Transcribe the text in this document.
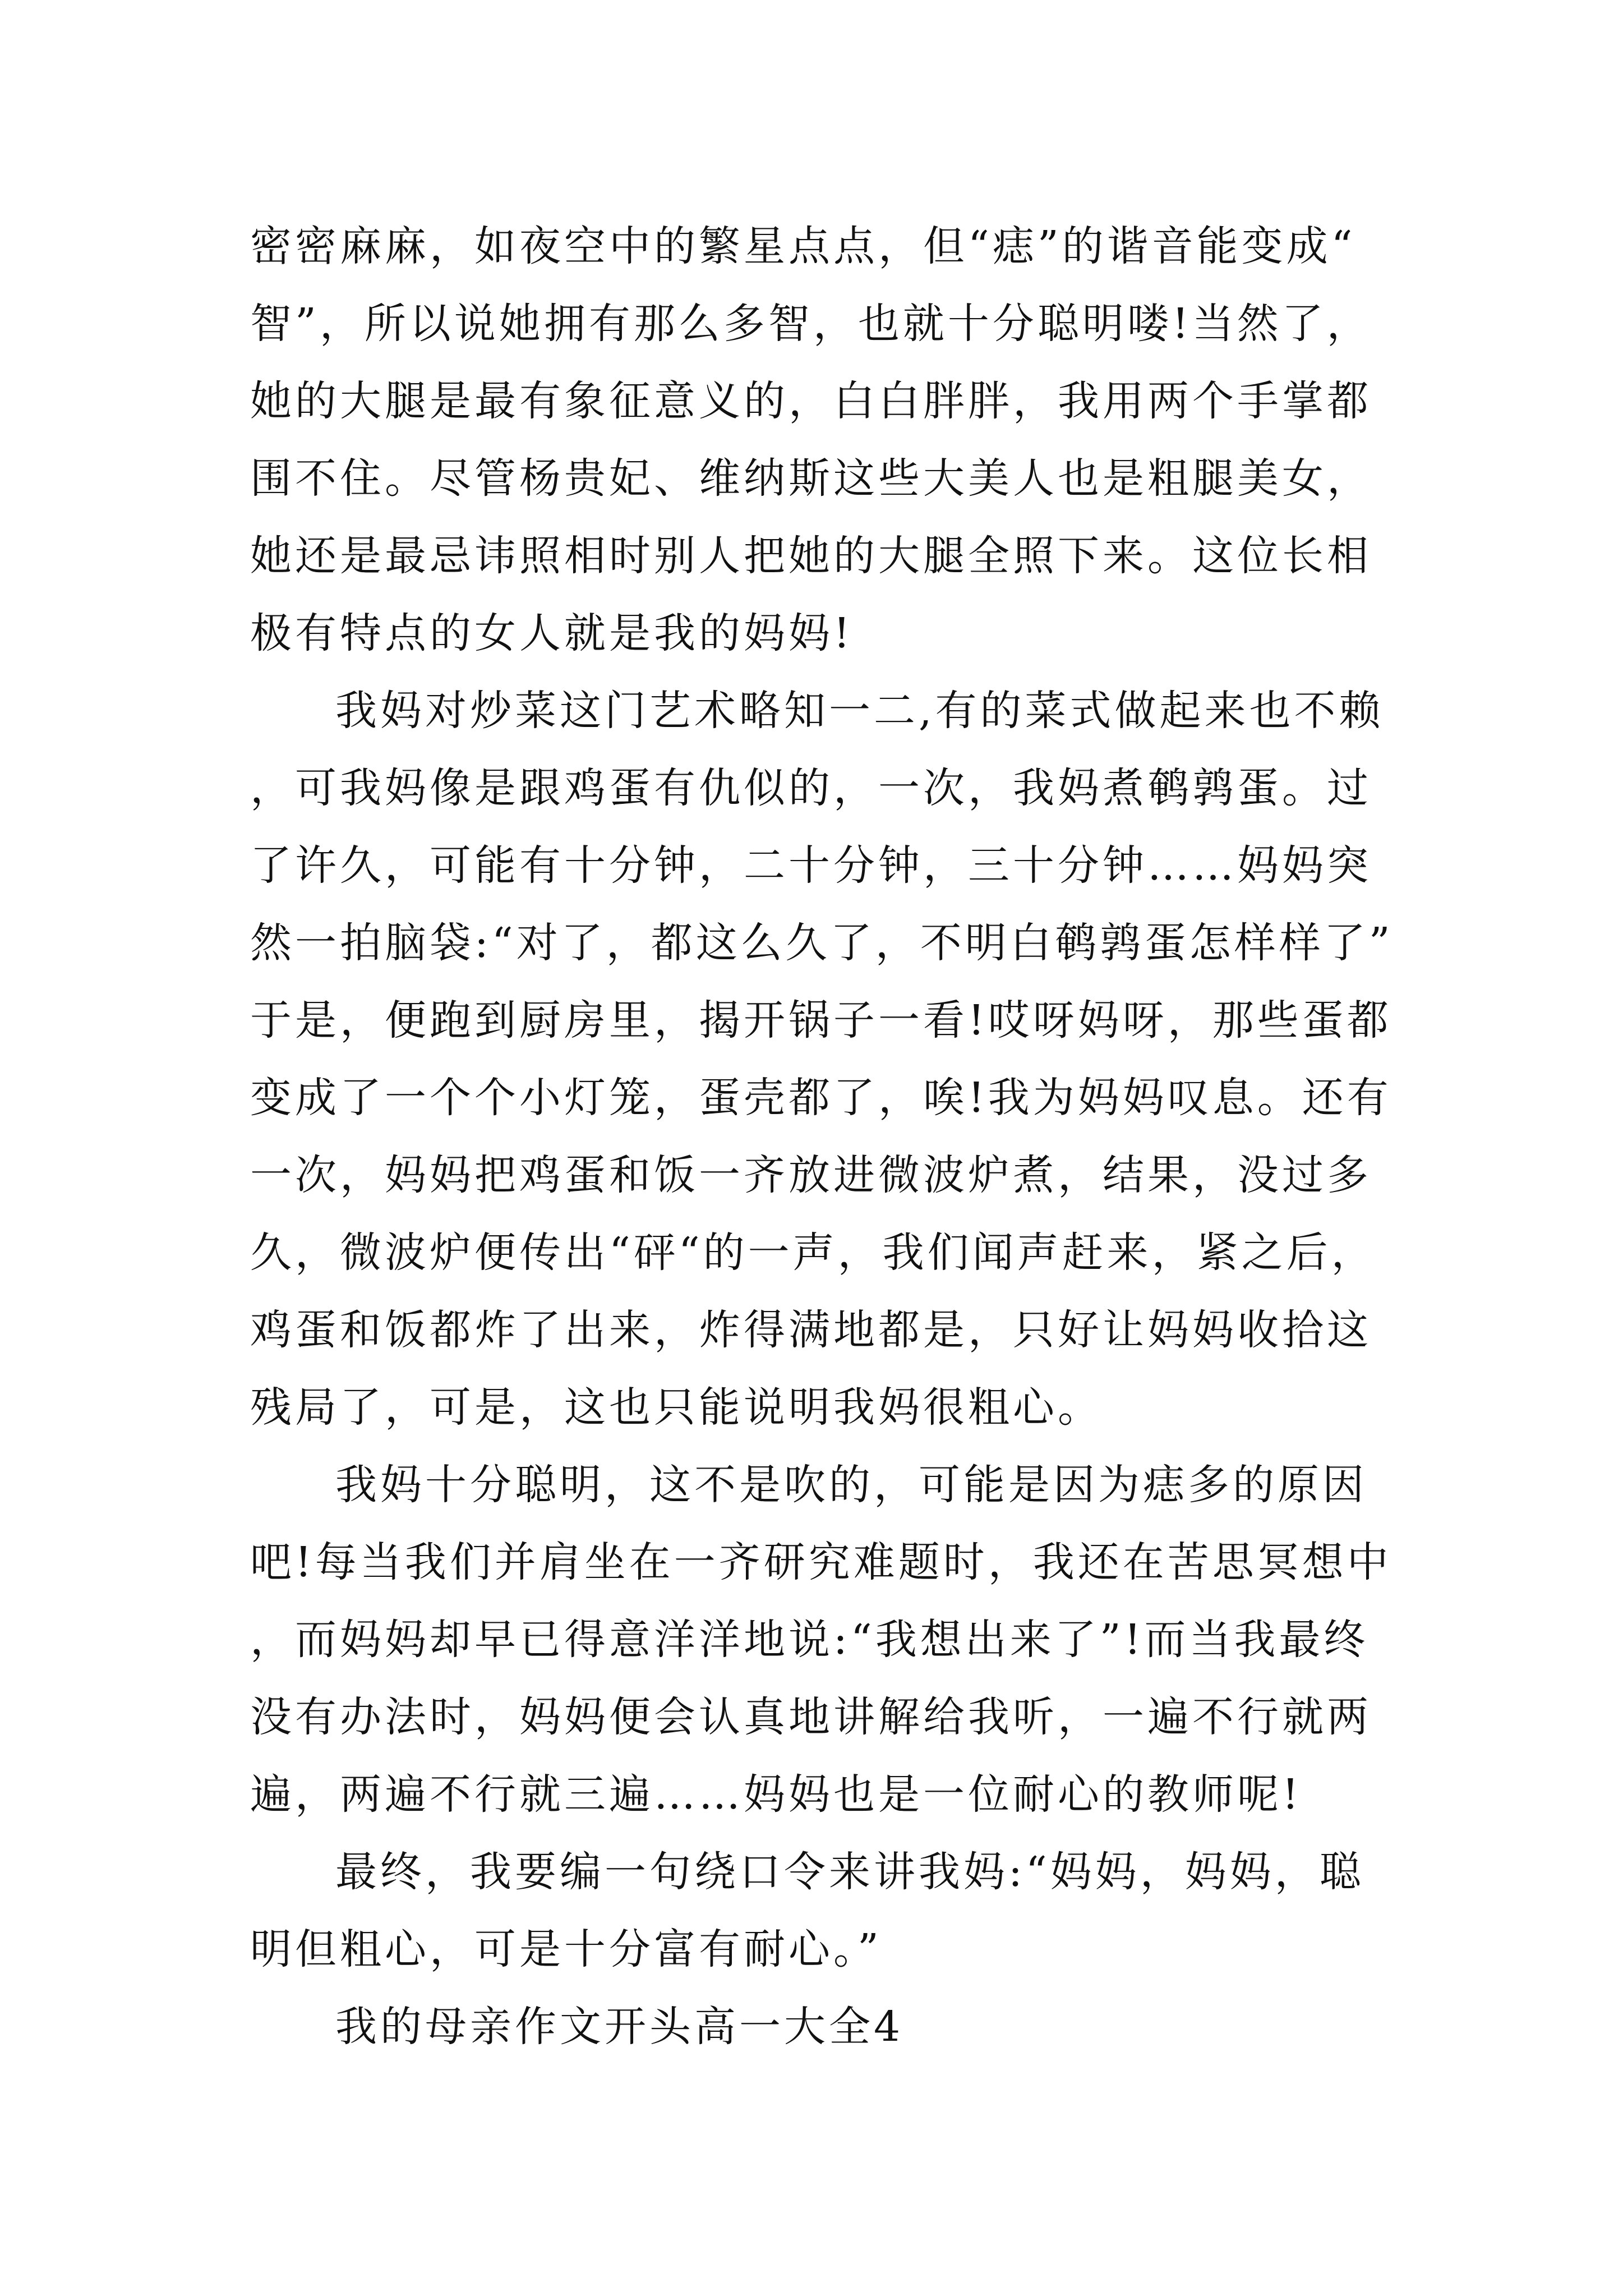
密密麻麻，如夜空中的繁星点点，但“痣”的谐音能变成“智”，所以说她拥有那么多智，也就十分聪明喽!当然了，她的大腿是最有象征意义的，白白胖胖，我用两个手掌都围不住。尽管杨贵妃、维纳斯这些大美人也是粗腿美女，她还是最忌讳照相时别人把她的大腿全照下来。这位长相极有特点的女人就是我的妈妈!

我妈对炒菜这门艺术略知一二,有的菜式做起来也不赖，可我妈像是跟鸡蛋有仇似的，一次，我妈煮鹌鹑蛋。过了许久，可能有十分钟，二十分钟，三十分钟……妈妈突然一拍脑袋:“对了，都这么久了，不明白鹌鹑蛋怎样样了”于是，便跑到厨房里，揭开锅子一看!哎呀妈呀，那些蛋都变成了一个个小灯笼，蛋壳都了，唉!我为妈妈叹息。还有一次，妈妈把鸡蛋和饭一齐放进微波炉煮，结果，没过多久，微波炉便传出“砰“的一声，我们闻声赶来，紧之后，鸡蛋和饭都炸了出来，炸得满地都是，只好让妈妈收拾这残局了，可是，这也只能说明我妈很粗心。

我妈十分聪明，这不是吹的，可能是因为痣多的原因吧!每当我们并肩坐在一齐研究难题时，我还在苦思冥想中，而妈妈却早已得意洋洋地说:“我想出来了”!而当我最终没有办法时，妈妈便会认真地讲解给我听，一遍不行就两遍，两遍不行就三遍……妈妈也是一位耐心的教师呢!

最终，我要编一句绕口令来讲我妈:“妈妈，妈妈，聪明但粗心，可是十分富有耐心。”

我的母亲作文开头高一大全4
